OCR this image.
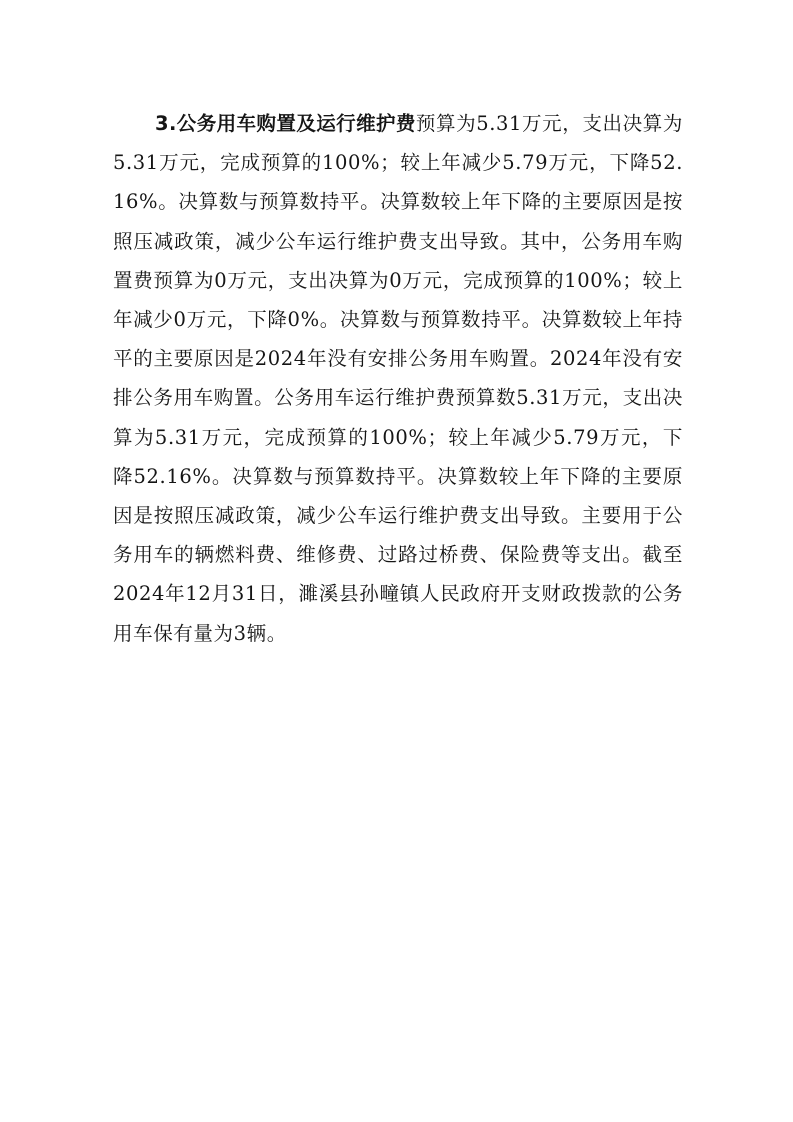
3.公务用车购置及运行维护费预算为5.31万元，支出决算为5.31万元，完成预算的100%；较上年减少5.79万元，下降52.16%。决算数与预算数持平。决算数较上年下降的主要原因是按照压减政策，减少公车运行维护费支出导致。其中，公务用车购置费预算为0万元，支出决算为0万元，完成预算的100%；较上年减少0万元，下降0%。决算数与预算数持平。决算数较上年持平的主要原因是2024年没有安排公务用车购置。2024年没有安排公务用车购置。公务用车运行维护费预算数5.31万元，支出决算为5.31万元，完成预算的100%；较上年减少5.79万元，下降52.16%。决算数与预算数持平。决算数较上年下降的主要原因是按照压减政策，减少公车运行维护费支出导致。主要用于公务用车的辆燃料费、维修费、过路过桥费、保险费等支出。截至2024年12月31日，濉溪县孙疃镇人民政府开支财政拨款的公务用车保有量为3辆。
